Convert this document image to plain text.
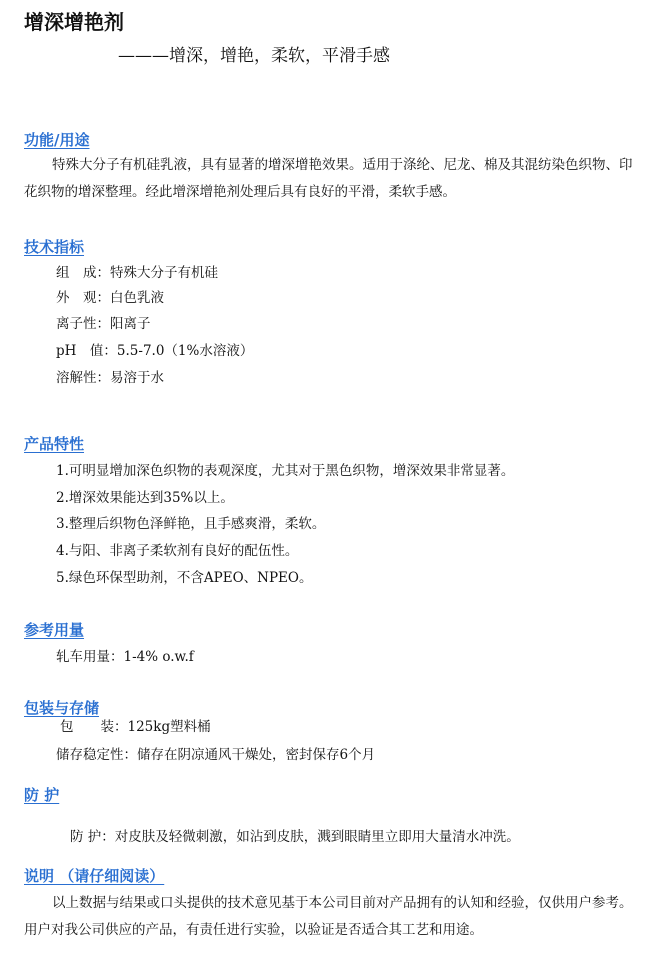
增深增艳剂
———增深，增艳，柔软，平滑手感
功能/用途
特殊大分子有机硅乳液，具有显著的增深增艳效果。适用于涤纶、尼龙、棉及其混纺染色织物、印花织物的增深整理。经此增深增艳剂处理后具有良好的平滑，柔软手感。
技术指标
组　成：特殊大分子有机硅
外　观：白色乳液
离子性：阳离子
pH　值：5.5-7.0（1%水溶液）
溶解性：易溶于水
产品特性
1.可明显增加深色织物的表观深度，尤其对于黑色织物，增深效果非常显著。
2.增深效果能达到35%以上。
3.整理后织物色泽鲜艳，且手感爽滑，柔软。
4.与阳、非离子柔软剂有良好的配伍性。
5.绿色环保型助剂，不含APEO、NPEO。
参考用量
轧车用量：1-4% o.w.f
包装与存储
包　　装：125kg塑料桶
储存稳定性：储存在阴凉通风干燥处，密封保存6个月
防 护
防 护：对皮肤及轻微刺激，如沾到皮肤，溅到眼睛里立即用大量清水冲洗。
说明 （请仔细阅读）
以上数据与结果或口头提供的技术意见基于本公司目前对产品拥有的认知和经验，仅供用户参考。用户对我公司供应的产品，有责任进行实验，以验证是否适合其工艺和用途。
